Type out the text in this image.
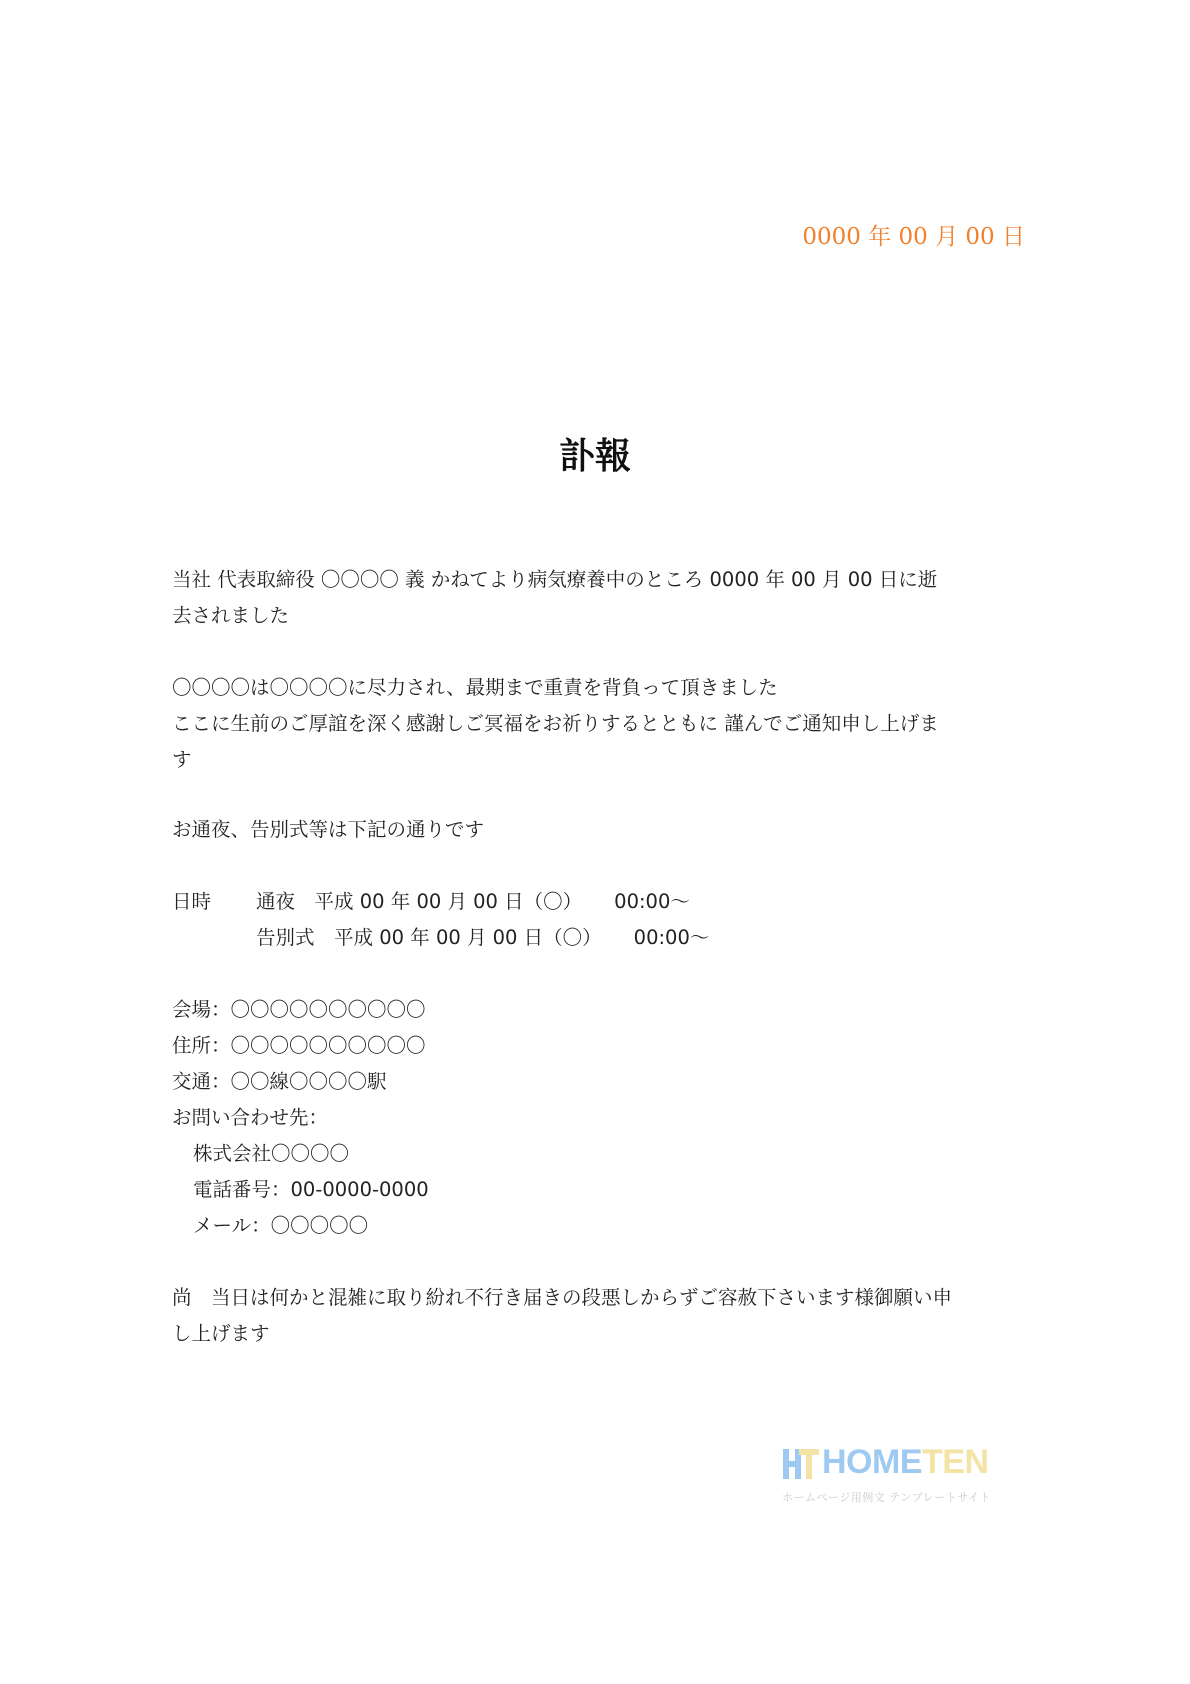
0000 年 00 月 00 日
訃報

当社 代表取締役 〇〇〇〇 義 かねてより病気療養中のところ 0000 年 00 月 00 日に逝

去されました

〇〇〇〇は〇〇〇〇に尽力され、最期まで重責を背負って頂きました

ここに生前のご厚誼を深く感謝しご冥福をお祈りするとともに 謹んでご通知申し上げま

す

お通夜、告別式等は下記の通りです

日時 通夜　 平成 00 年 00 月 00 日（〇） 00:00〜
告別式　 平成 00 年 00 月 00 日（〇） 00:00〜

会場：〇〇〇〇〇〇〇〇〇〇

住所：〇〇〇〇〇〇〇〇〇〇

交通：〇〇線〇〇〇〇駅

お問い合わせ先：

株式会社〇〇〇〇

電話番号：00-0000-0000

メール：〇〇〇〇〇

尚　当日は何かと混雑に取り紛れ不行き届きの段悪しからずご容赦下さいます様御願い申

し上げます

HOMETEN
ホームページ用例文 テンプレートサイト
